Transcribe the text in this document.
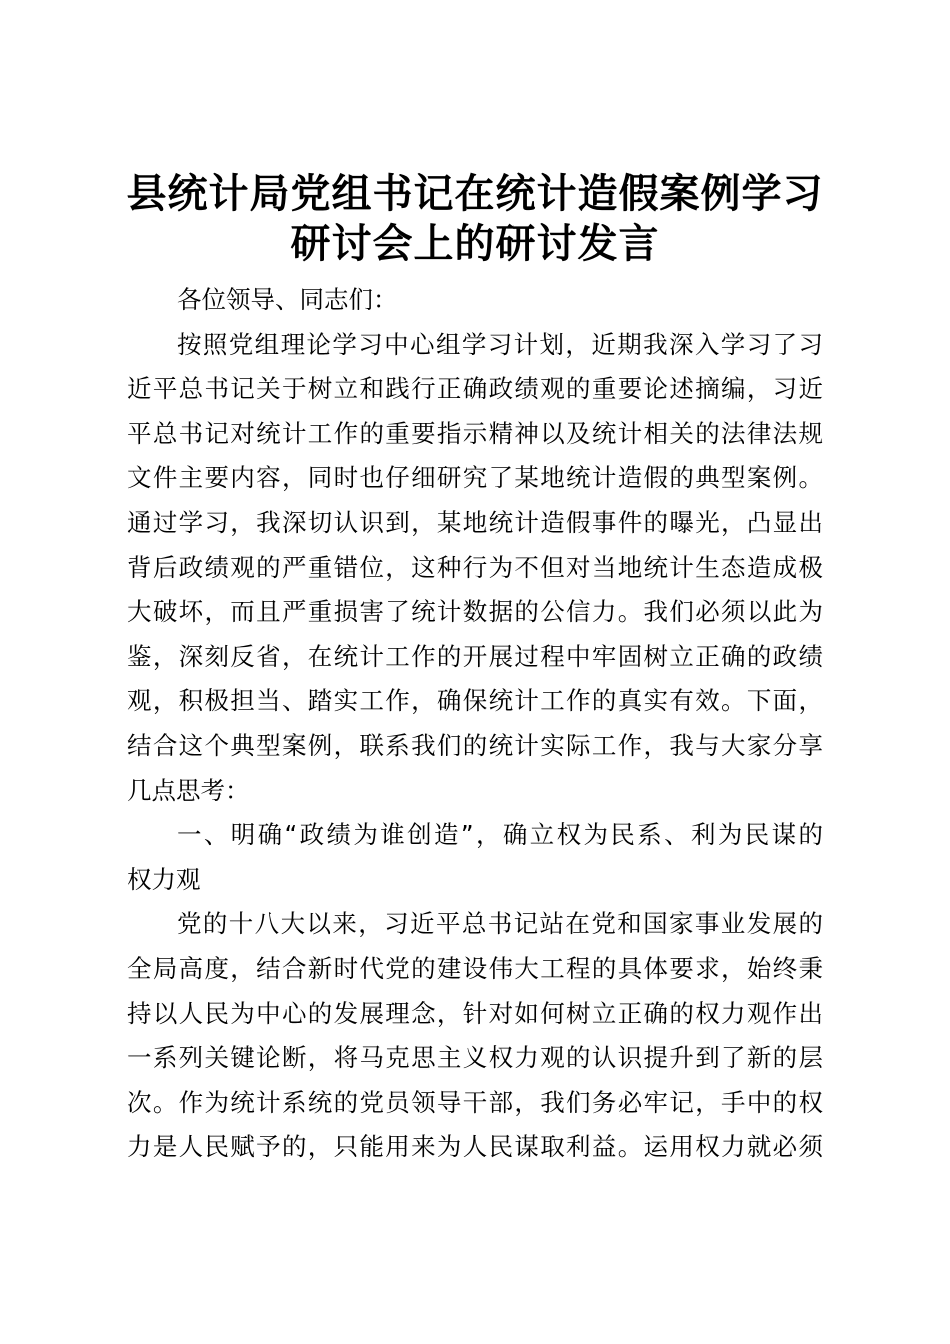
县统计局党组书记在统计造假案例学习
研讨会上的研讨发言
各位领导、同志们：
按照党组理论学习中心组学习计划，近期我深入学习了习
近平总书记关于树立和践行正确政绩观的重要论述摘编，习近
平总书记对统计工作的重要指示精神以及统计相关的法律法规
文件主要内容，同时也仔细研究了某地统计造假的典型案例。
通过学习，我深切认识到，某地统计造假事件的曝光，凸显出
背后政绩观的严重错位，这种行为不但对当地统计生态造成极
大破坏，而且严重损害了统计数据的公信力。我们必须以此为
鉴，深刻反省，在统计工作的开展过程中牢固树立正确的政绩
观，积极担当、踏实工作，确保统计工作的真实有效。下面，
结合这个典型案例，联系我们的统计实际工作，我与大家分享
几点思考：
一、明确“政绩为谁创造”，确立权为民系、利为民谋的
权力观
党的十八大以来，习近平总书记站在党和国家事业发展的
全局高度，结合新时代党的建设伟大工程的具体要求，始终秉
持以人民为中心的发展理念，针对如何树立正确的权力观作出
一系列关键论断，将马克思主义权力观的认识提升到了新的层
次。作为统计系统的党员领导干部，我们务必牢记，手中的权
力是人民赋予的，只能用来为人民谋取利益。运用权力就必须
